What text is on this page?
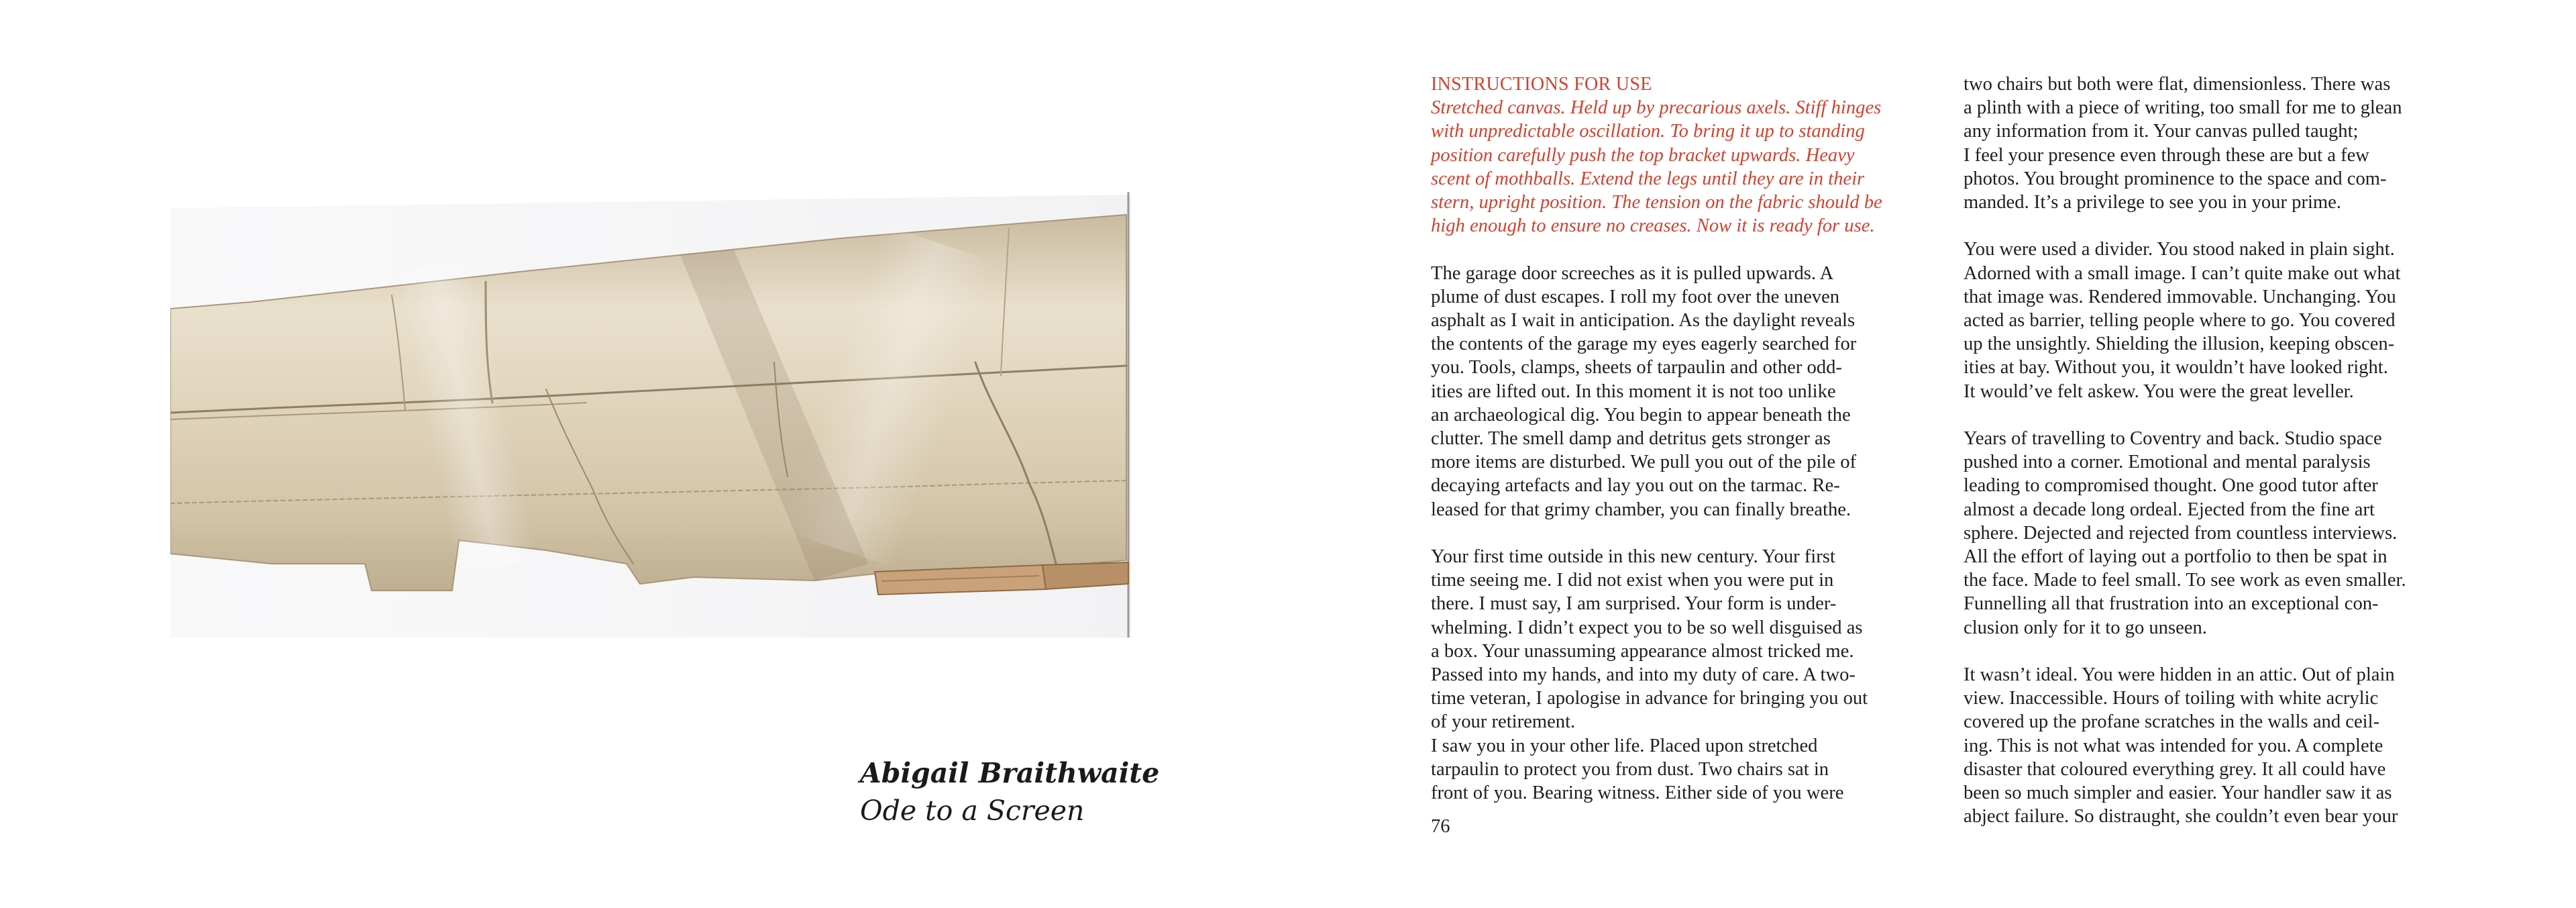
Abigail Braithwaite
Ode to a Screen
INSTRUCTIONS FOR USE
Stretched canvas. Held up by precarious axels. Stiff hinges
with unpredictable oscillation. To bring it up to standing
position carefully push the top bracket upwards. Heavy
scent of mothballs. Extend the legs until they are in their
stern, upright position. The tension on the fabric should be
high enough to ensure no creases. Now it is ready for use.
The garage door screeches as it is pulled upwards. A
plume of dust escapes. I roll my foot over the uneven
asphalt as I wait in anticipation. As the daylight reveals
the contents of the garage my eyes eagerly searched for
you. Tools, clamps, sheets of tarpaulin and other odd-
ities are lifted out. In this moment it is not too unlike
an archaeological dig. You begin to appear beneath the
clutter. The smell damp and detritus gets stronger as
more items are disturbed. We pull you out of the pile of
decaying artefacts and lay you out on the tarmac. Re-
leased for that grimy chamber, you can finally breathe.
Your first time outside in this new century. Your first
time seeing me. I did not exist when you were put in
there. I must say, I am surprised. Your form is under-
whelming. I didn’t expect you to be so well disguised as
a box. Your unassuming appearance almost tricked me.
Passed into my hands, and into my duty of care. A two-
time veteran, I apologise in advance for bringing you out
of your retirement.
I saw you in your other life. Placed upon stretched
tarpaulin to protect you from dust. Two chairs sat in
front of you. Bearing witness. Either side of you were
two chairs but both were flat, dimensionless. There was
a plinth with a piece of writing, too small for me to glean
any information from it. Your canvas pulled taught;
I feel your presence even through these are but a few
photos. You brought prominence to the space and com-
manded. It’s a privilege to see you in your prime.
You were used a divider. You stood naked in plain sight.
Adorned with a small image. I can’t quite make out what
that image was. Rendered immovable. Unchanging. You
acted as barrier, telling people where to go. You covered
up the unsightly. Shielding the illusion, keeping obscen-
ities at bay. Without you, it wouldn’t have looked right.
It would’ve felt askew. You were the great leveller.
Years of travelling to Coventry and back. Studio space
pushed into a corner. Emotional and mental paralysis
leading to compromised thought. One good tutor after
almost a decade long ordeal. Ejected from the fine art
sphere. Dejected and rejected from countless interviews.
All the effort of laying out a portfolio to then be spat in
the face. Made to feel small. To see work as even smaller.
Funnelling all that frustration into an exceptional con-
clusion only for it to go unseen.
It wasn’t ideal. You were hidden in an attic. Out of plain
view. Inaccessible. Hours of toiling with white acrylic
covered up the profane scratches in the walls and ceil-
ing. This is not what was intended for you. A complete
disaster that coloured everything grey. It all could have
been so much simpler and easier. Your handler saw it as
abject failure. So distraught, she couldn’t even bear your
76
